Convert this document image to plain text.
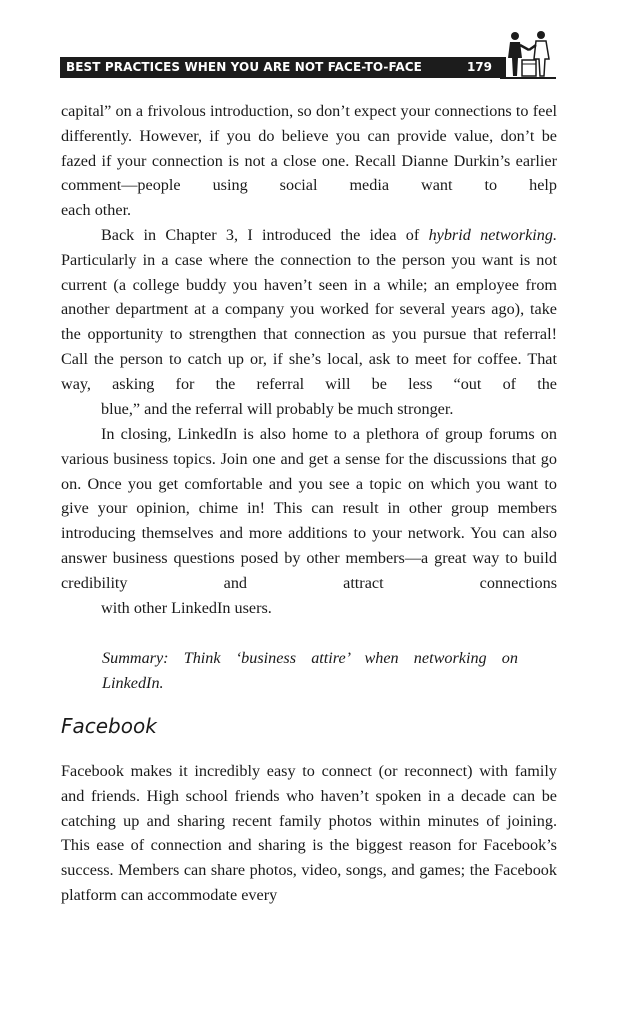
BEST PRACTICES WHEN YOU ARE NOT FACE-TO-FACE	179

capital” on a frivolous introduction, so don’t expect your connections to feel differently. However, if you do believe you can provide value, don’t be fazed if your connection is not a close one. Recall Dianne Durkin’s earlier comment—people using social media want to help
each other.

Back in Chapter 3, I introduced the idea of hybrid networking. Particularly in a case where the connection to the person you want is not current (a college buddy you haven’t seen in a while; an employee from another department at a company you worked for several years ago), take the opportunity to strengthen that connection as you pursue that referral! Call the person to catch up or, if she’s local, ask to meet for coffee. That way, asking for the referral will be less “out of the
blue,” and the referral will probably be much stronger.

In closing, LinkedIn is also home to a plethora of group forums on various business topics. Join one and get a sense for the discussions that go on. Once you get comfortable and you see a topic on which you want to give your opinion, chime in! This can result in other group members introducing themselves and more additions to your network. You can also answer business questions posed by other members—a great way to build credibility and attract connections
with other LinkedIn users.

Summary: Think ‘business attire’ when networking on
LinkedIn.

Facebook

Facebook makes it incredibly easy to connect (or reconnect) with family and friends. High school friends who haven’t spoken in a decade can be catching up and sharing recent family photos within minutes of joining. This ease of connection and sharing is the biggest reason for Facebook’s success. Members can share photos, video, songs, and games; the Facebook platform can accommodate every
